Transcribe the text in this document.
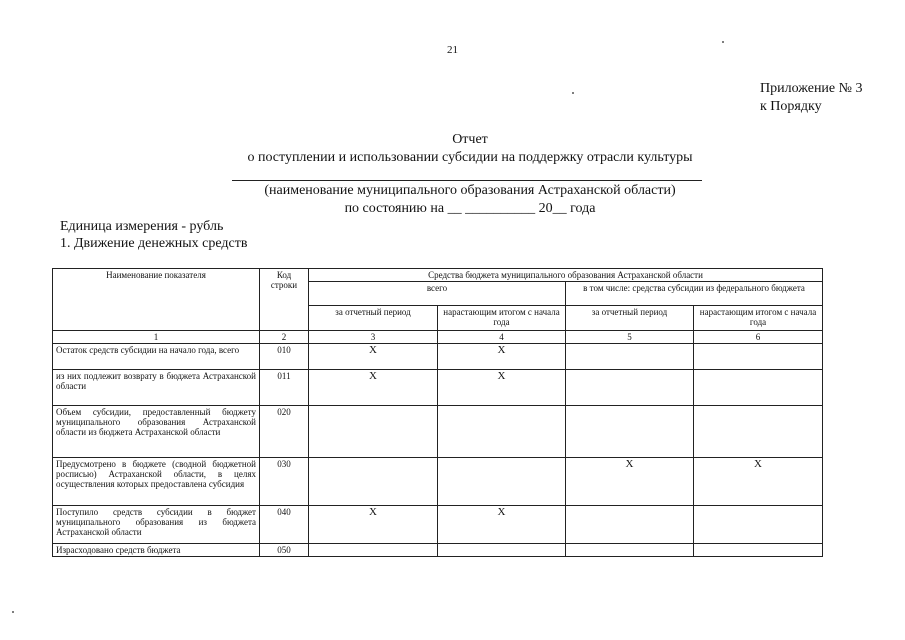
21
Приложение № 3
к Порядку
Отчет
о поступлении и использовании субсидии на поддержку отрасли культуры
(наименование муниципального образования Астраханской области)
по состоянию на __ __________ 20__ года
Единица измерения - рубль
1. Движение денежных средств
Наименование показателя	Код строки	Средства бюджета муниципального образования Астраханской области			
		всего		в том числе: средства субсидии из федерального бюджета	
		за отчетный период	нарастающим итогом с начала года	за отчетный период	нарастающим итогом с начала года
1	2	3	4	5	6
Остаток средств субсидии на начало года, всего	010	X	X		
из них подлежит возврату в бюджета Астраханской области	011	X	X		
Объем субсидии, предоставленный бюджету муниципального образования Астраханской области из бюджета Астраханской области	020				
Предусмотрено в бюджете (сводной бюджетной росписью) Астраханской области, в целях осуществления которых предоставлена субсидия	030			X	X
Поступило средств субсидии в бюджет муниципального образования из бюджета Астраханской области	040	X	X		
Израсходовано средств бюджета	050				
